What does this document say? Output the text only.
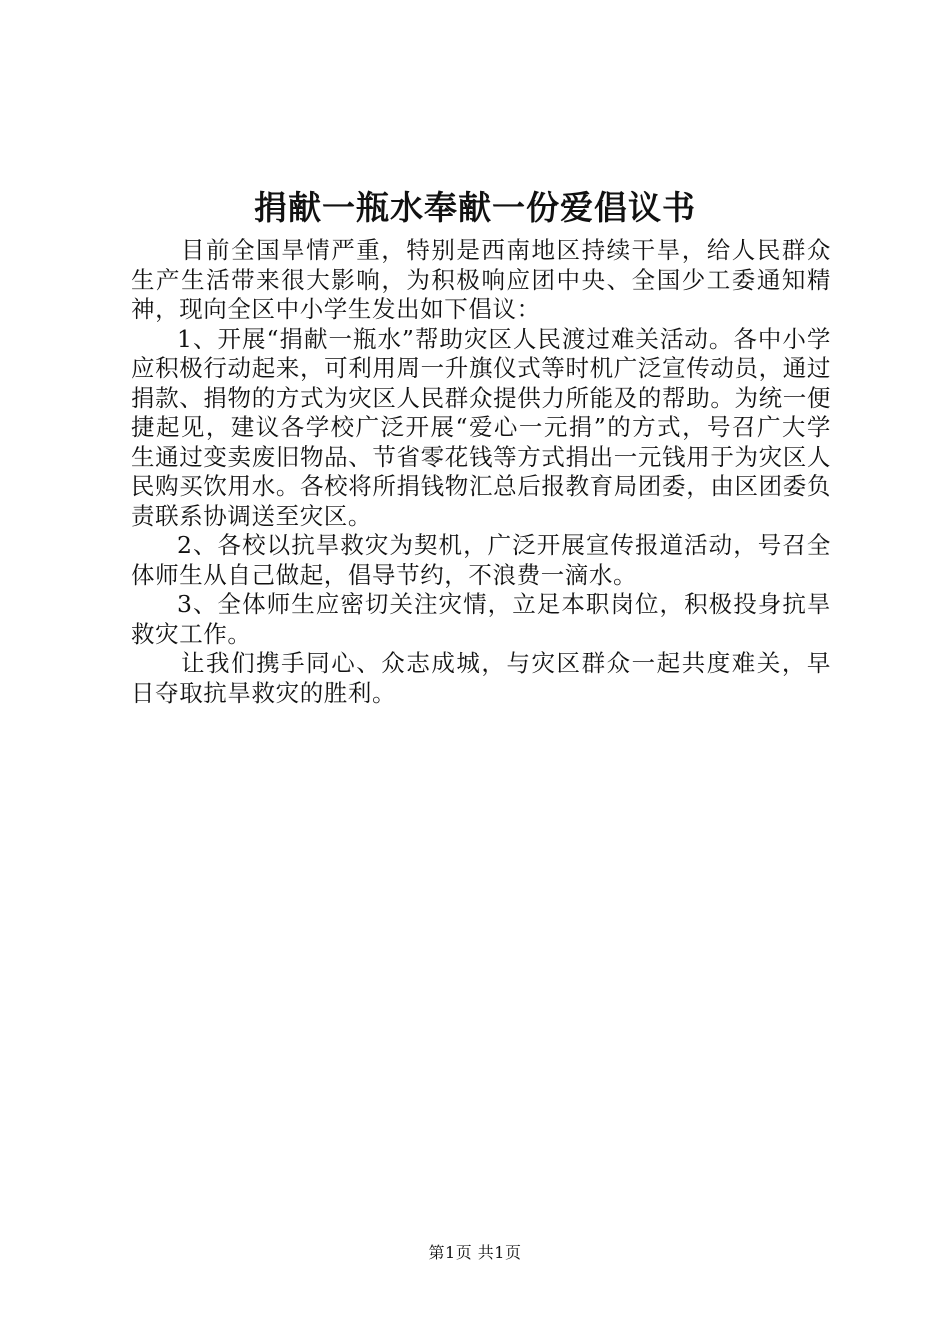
捐献一瓶水奉献一份爱倡议书

目前全国旱情严重，特别是西南地区持续干旱，给人民群众生产生活带来很大影响，为积极响应团中央、全国少工委通知精神，现向全区中小学生发出如下倡议：

1、开展“捐献一瓶水”帮助灾区人民渡过难关活动。各中小学应积极行动起来，可利用周一升旗仪式等时机广泛宣传动员，通过捐款、捐物的方式为灾区人民群众提供力所能及的帮助。为统一便捷起见，建议各学校广泛开展“爱心一元捐”的方式，号召广大学生通过变卖废旧物品、节省零花钱等方式捐出一元钱用于为灾区人民购买饮用水。各校将所捐钱物汇总后报教育局团委，由区团委负责联系协调送至灾区。

2、各校以抗旱救灾为契机，广泛开展宣传报道活动，号召全体师生从自己做起，倡导节约，不浪费一滴水。

3、全体师生应密切关注灾情，立足本职岗位，积极投身抗旱救灾工作。

让我们携手同心、众志成城，与灾区群众一起共度难关，早日夺取抗旱救灾的胜利。

第1页 共1页
